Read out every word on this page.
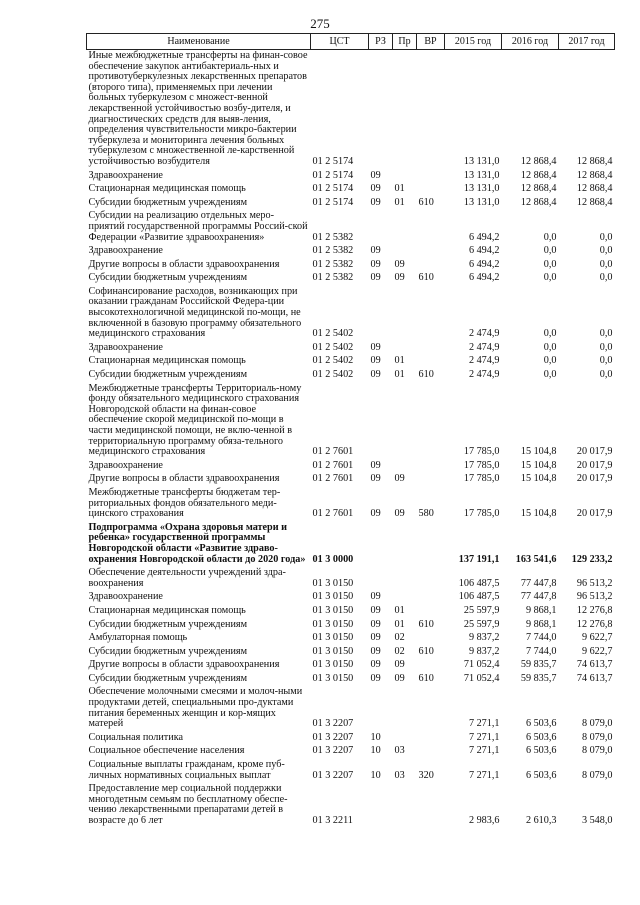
275
Наименование	ЦСТ	РЗ	Пр	ВР	2015 год	2016 год	2017 год
Иные межбюджетные трансферты на финан-совое обеспечение закупок антибактериаль-ных и противотуберкулезных лекарственных препаратов (второго типа), применяемых при лечении больных туберкулезом с множест-венной лекарственной устойчивостью возбу-дителя, и диагностических средств для выяв-ления, определения чувствительности микро-бактерии туберкулеза и мониторинга лечения больных туберкулезом с множественной ле-карственной устойчивостью возбудителя	01 2 5174				13 131,0	12 868,4	12 868,4
Здравоохранение	01 2 5174	09			13 131,0	12 868,4	12 868,4
Стационарная медицинская помощь	01 2 5174	09	01		13 131,0	12 868,4	12 868,4
Субсидии бюджетным учреждениям	01 2 5174	09	01	610	13 131,0	12 868,4	12 868,4
Субсидии на реализацию отдельных меро-приятий государственной программы Россий-ской Федерации «Развитие здравоохранения»	01 2 5382				6 494,2	0,0	0,0
Здравоохранение	01 2 5382	09			6 494,2	0,0	0,0
Другие вопросы в области здравоохранения	01 2 5382	09	09		6 494,2	0,0	0,0
Субсидии бюджетным учреждениям	01 2 5382	09	09	610	6 494,2	0,0	0,0
Софинансирование расходов, возникающих при оказании гражданам Российской Федера-ции высокотехнологичной медицинской по-мощи, не включенной в базовую программу обязательного медицинского страхования	01 2 5402				2 474,9	0,0	0,0
Здравоохранение	01 2 5402	09			2 474,9	0,0	0,0
Стационарная медицинская помощь	01 2 5402	09	01		2 474,9	0,0	0,0
Субсидии бюджетным учреждениям	01 2 5402	09	01	610	2 474,9	0,0	0,0
Межбюджетные трансферты Территориаль-ному фонду обязательного медицинского страхования Новгородской области на финан-совое обеспечение скорой медицинской по-мощи в части медицинской помощи, не вклю-ченной в территориальную программу обяза-тельного медицинского страхования	01 2 7601				17 785,0	15 104,8	20 017,9
Здравоохранение	01 2 7601	09			17 785,0	15 104,8	20 017,9
Другие вопросы в области здравоохранения	01 2 7601	09	09		17 785,0	15 104,8	20 017,9
Межбюджетные трансферты бюджетам тер-риториальных фондов обязательного меди-цинского страхования	01 2 7601	09	09	580	17 785,0	15 104,8	20 017,9
Подпрограмма «Охрана здоровья матери и ребенка» государственной программы Новгородской области «Развитие здраво-охранения Новгородской области до 2020 года»	01 3 0000				137 191,1	163 541,6	129 233,2
Обеспечение деятельности учреждений здра-воохранения	01 3 0150				106 487,5	77 447,8	96 513,2
Здравоохранение	01 3 0150	09			106 487,5	77 447,8	96 513,2
Стационарная медицинская помощь	01 3 0150	09	01		25 597,9	9 868,1	12 276,8
Субсидии бюджетным учреждениям	01 3 0150	09	01	610	25 597,9	9 868,1	12 276,8
Амбулаторная помощь	01 3 0150	09	02		9 837,2	7 744,0	9 622,7
Субсидии бюджетным учреждениям	01 3 0150	09	02	610	9 837,2	7 744,0	9 622,7
Другие вопросы в области здравоохранения	01 3 0150	09	09		71 052,4	59 835,7	74 613,7
Субсидии бюджетным учреждениям	01 3 0150	09	09	610	71 052,4	59 835,7	74 613,7
Обеспечение молочными смесями и молоч-ными продуктами детей, специальными про-дуктами питания беременных женщин и кор-мящих матерей	01 3 2207				7 271,1	6 503,6	8 079,0
Социальная политика	01 3 2207	10			7 271,1	6 503,6	8 079,0
Социальное обеспечение населения	01 3 2207	10	03		7 271,1	6 503,6	8 079,0
Социальные выплаты гражданам, кроме пуб-личных нормативных социальных выплат	01 3 2207	10	03	320	7 271,1	6 503,6	8 079,0
Предоставление мер социальной поддержки многодетным семьям по бесплатному обеспе-чению лекарственными препаратами детей в возрасте до 6 лет	01 3 2211				2 983,6	2 610,3	3 548,0
